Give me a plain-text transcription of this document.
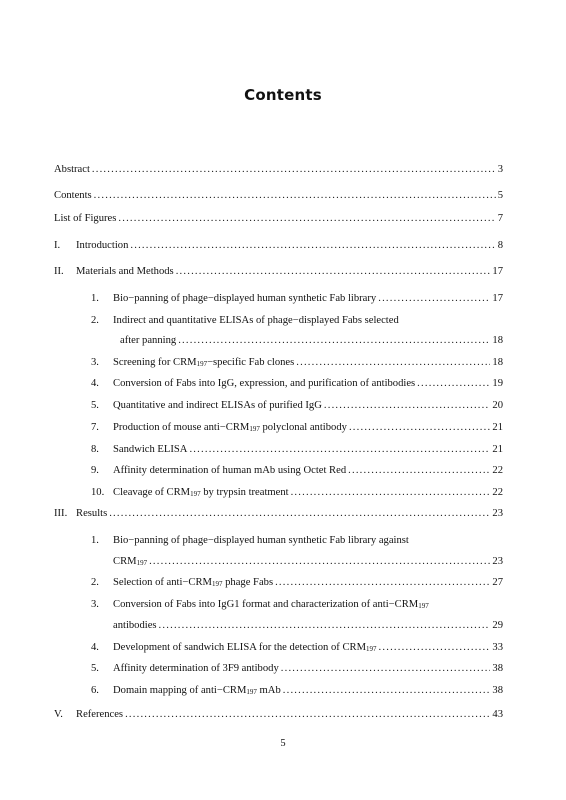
Contents
Abstract .....	3
Contents .....	5
List of Figures .....	7
I. Introduction .....	8
II. Materials and Methods .....	17
1. Bio−panning of phage−displayed human synthetic Fab library .....	17
2. Indirect and quantitative ELISAs of phage−displayed Fabs selected
after panning .....	18
3. Screening for $CRM_{197}-specific$ Fab clones .....	18
4. Conversion of Fabs into IgG, expression, and purification of antibodies .....	19
5. Quantitative and indirect ELISAs of purified IgG .....	20
7. Production of mouse $anti-CRM_{197}$ polyclonal antibody .....	21
8. Sandwich ELISA .....	21
9. Affinity determination of human mAb using Octet Red .....	22
10. Cleavage of $CRM_{197}$ by trypsin treatment .....	22
III. Results .....	23
1. Bio−panning of phage−displayed human synthetic Fab library against
$CRM_{197}$ .....	23
2. Selection of $anti-CRM_{197}$ phage Fabs .....	27
3. Conversion of Fabs into IgG1 format and characterization of $anti-CRM_{197}$
antibodies .....	29
4. Development of sandwich ELISA for the detection of $CRM_{197}$ .....	33
5. Affinity determination of 3F9 antibody .....	38
6. Domain mapping of $anti-CRM_{197}$ mAb .....	38
V. References .....	43
5
